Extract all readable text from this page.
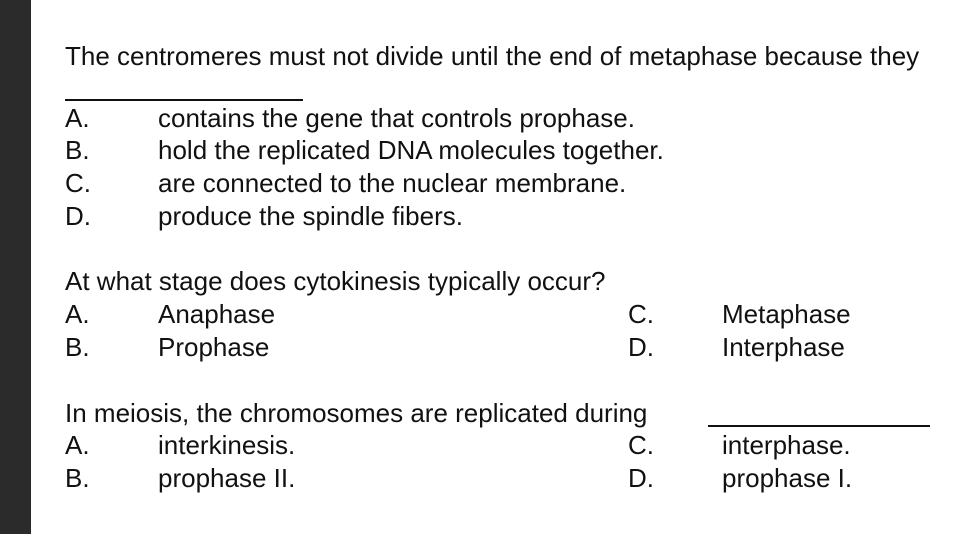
The centromeres must not divide until the end of metaphase because they
A.	contains the gene that controls prophase.
B.	hold the replicated DNA molecules together.
C.	are connected to the nuclear membrane.
D.	produce the spindle fibers.
At what stage does cytokinesis typically occur?
A.	Anaphase	C.	Metaphase
B.	Prophase	D.	Interphase
In meiosis, the chromosomes are replicated during
A.	interkinesis.	C.	interphase.
B.	prophase II.	D.	prophase I.
